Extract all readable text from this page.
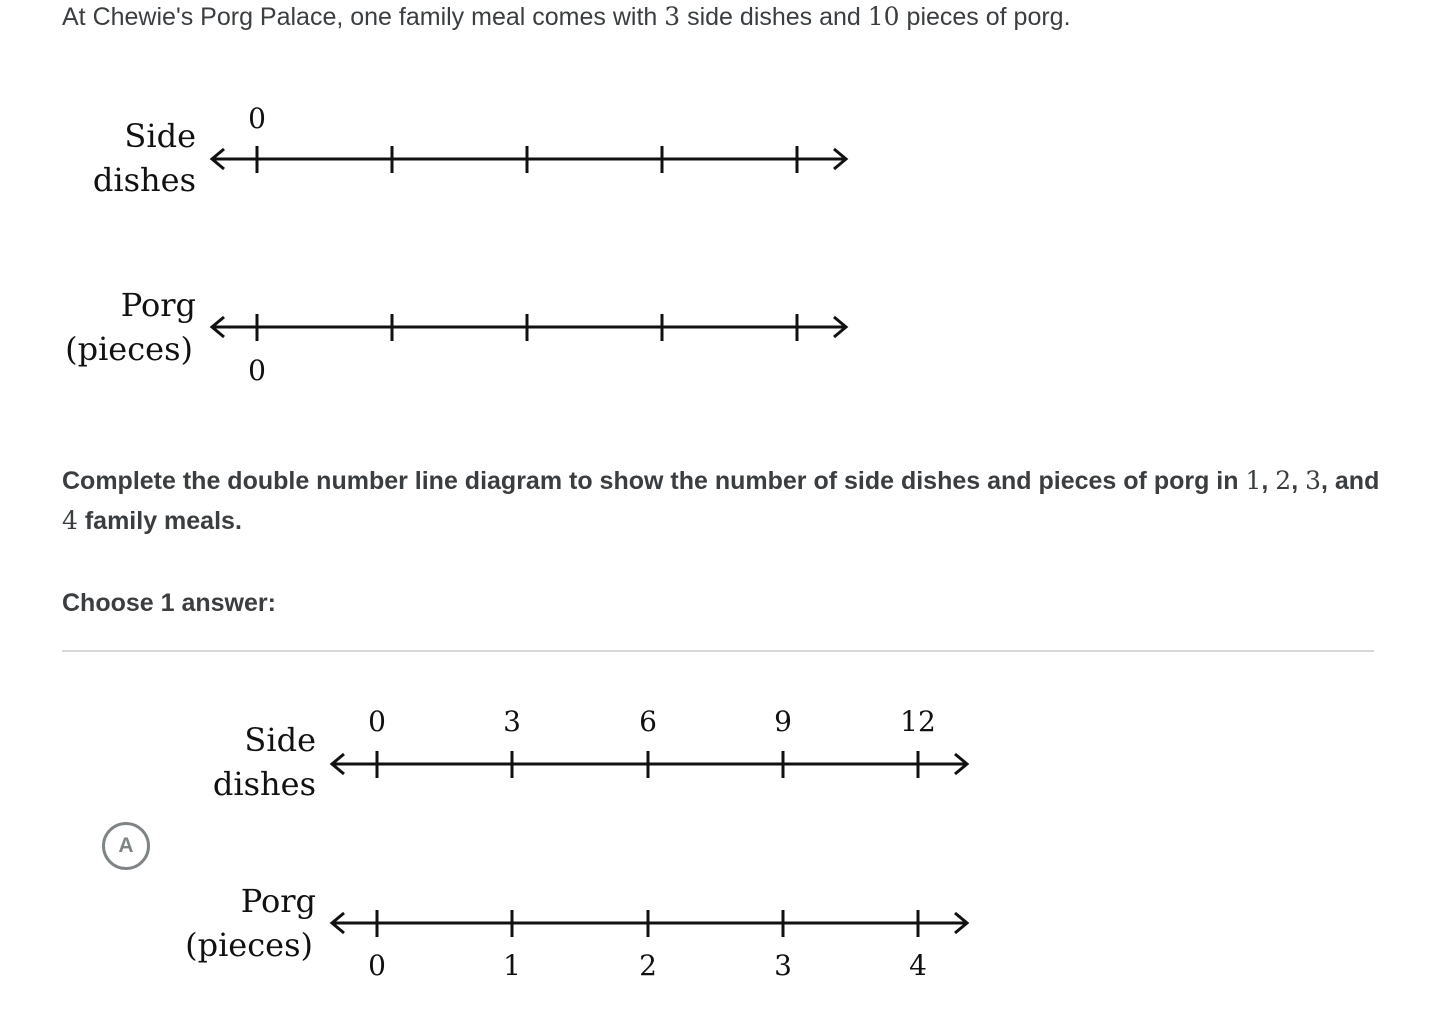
At Chewie's Porg Palace, one family meal comes with 3 side dishes and 10 pieces of porg.
Side
dishes
0
Porg
(pieces)
0
Side
dishes
0	3	6	9	12
Porg
(pieces)
0	1	2	3	4
Complete the double number line diagram to show the number of side dishes and pieces of porg in 1, 2, 3, and 4 family meals.
Choose 1 answer:
A
